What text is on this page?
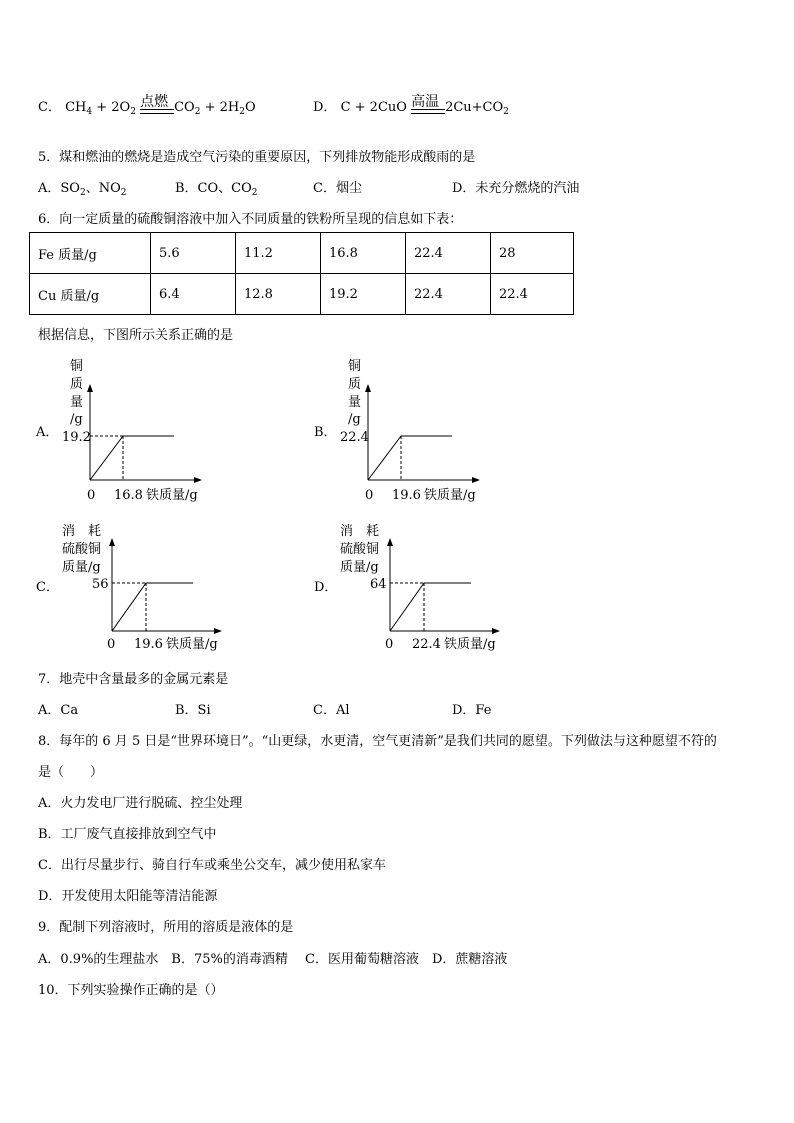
C． $CH_4 + 2O_2$
点燃 $CO_2 + 2H_2O$	D． C + 2CuO 高温 $2Cu+CO_2$
5．煤和燃油的燃烧是造成空气污染的重要原因，下列排放物能形成酸雨的是
A．$SO_2$、$NO_2$	B．CO、$CO_2$	C．烟尘	D．未充分燃烧的汽油
6．向一定质量的硫酸铜溶液中加入不同质量的铁粉所呈现的信息如下表：
Fe 质量/g	5.6	11.2	16.8	22.4	28
Cu 质量/g	6.4	12.8	19.2	22.4	22.4
根据信息，下图所示关系正确的是
A．
铜
质
量
/g
19.2
0 16.8 铁质量/g
B．
铜
质
量
/g
22.4
0 19.6 铁质量/g
C．
消　耗
硫酸铜
质量/g
56
0 19.6 铁质量/g
D．
消　耗
硫酸铜
质量/g
64
0 22.4 铁质量/g
7．地壳中含量最多的金属元素是
A．Ca	B．Si	C．Al	D．Fe
8．每年的 6 月 5 日是“世界环境日”。“山更绿，水更清，空气更清新”是我们共同的愿望。下列做法与这种愿望不符的
是（　　）
A．火力发电厂进行脱硫、控尘处理
B．工厂废气直接排放到空气中
C．出行尽量步行、骑自行车或乘坐公交车，减少使用私家车
D．开发使用太阳能等清洁能源
9．配制下列溶液时，所用的溶质是液体的是
A．0.9%的生理盐水　B．75%的消毒酒精　 C．医用葡萄糖溶液　D．蔗糖溶液
10．下列实验操作正确的是（）
